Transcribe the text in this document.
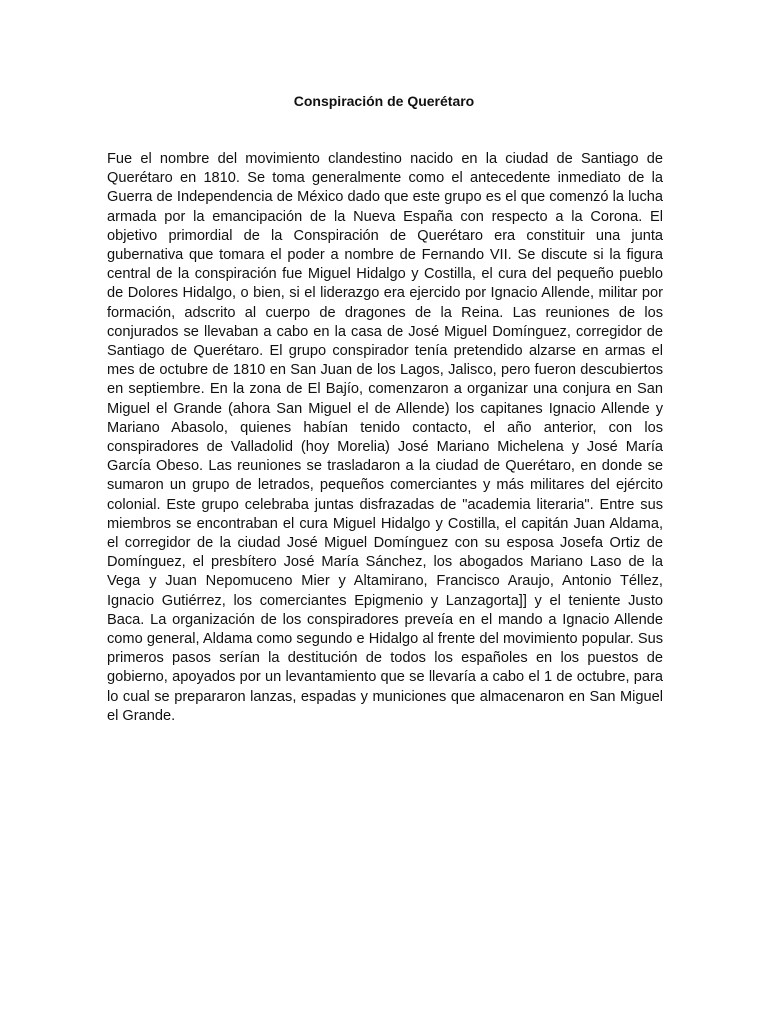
Conspiración de Querétaro
Fue el nombre del movimiento clandestino nacido en la ciudad de Santiago de Querétaro en 1810. Se toma generalmente como el antecedente inmediato de la Guerra de Independencia de México dado que este grupo es el que comenzó la lucha armada por la emancipación de la Nueva España con respecto a la Corona. El objetivo primordial de la Conspiración de Querétaro era constituir una junta gubernativa que tomara el poder a nombre de Fernando VII. Se discute si la figura central de la conspiración fue Miguel Hidalgo y Costilla, el cura del pequeño pueblo de Dolores Hidalgo, o bien, si el liderazgo era ejercido por Ignacio Allende, militar por formación, adscrito al cuerpo de dragones de la Reina. Las reuniones de los conjurados se llevaban a cabo en la casa de José Miguel Domínguez, corregidor de Santiago de Querétaro. El grupo conspirador tenía pretendido alzarse en armas el mes de octubre de 1810 en San Juan de los Lagos, Jalisco, pero fueron descubiertos en septiembre. En la zona de El Bajío, comenzaron a organizar una conjura en San Miguel el Grande (ahora San Miguel el de Allende) los capitanes Ignacio Allende y Mariano Abasolo, quienes habían tenido contacto, el año anterior, con los conspiradores de Valladolid (hoy Morelia) José Mariano Michelena y José María García Obeso. Las reuniones se trasladaron a la ciudad de Querétaro, en donde se sumaron un grupo de letrados, pequeños comerciantes y más militares del ejército colonial. Este grupo celebraba juntas disfrazadas de "academia literaria". Entre sus miembros se encontraban el cura Miguel Hidalgo y Costilla, el capitán Juan Aldama, el corregidor de la ciudad José Miguel Domínguez con su esposa Josefa Ortiz de Domínguez, el presbítero José María Sánchez, los abogados Mariano Laso de la Vega y Juan Nepomuceno Mier y Altamirano, Francisco Araujo, Antonio Téllez, Ignacio Gutiérrez, los comerciantes Epigmenio y Lanzagorta]] y el teniente Justo Baca. La organización de los conspiradores preveía en el mando a Ignacio Allende como general, Aldama como segundo e Hidalgo al frente del movimiento popular. Sus primeros pasos serían la destitución de todos los españoles en los puestos de gobierno, apoyados por un levantamiento que se llevaría a cabo el 1 de octubre, para lo cual se prepararon lanzas, espadas y municiones que almacenaron en San Miguel el Grande.
